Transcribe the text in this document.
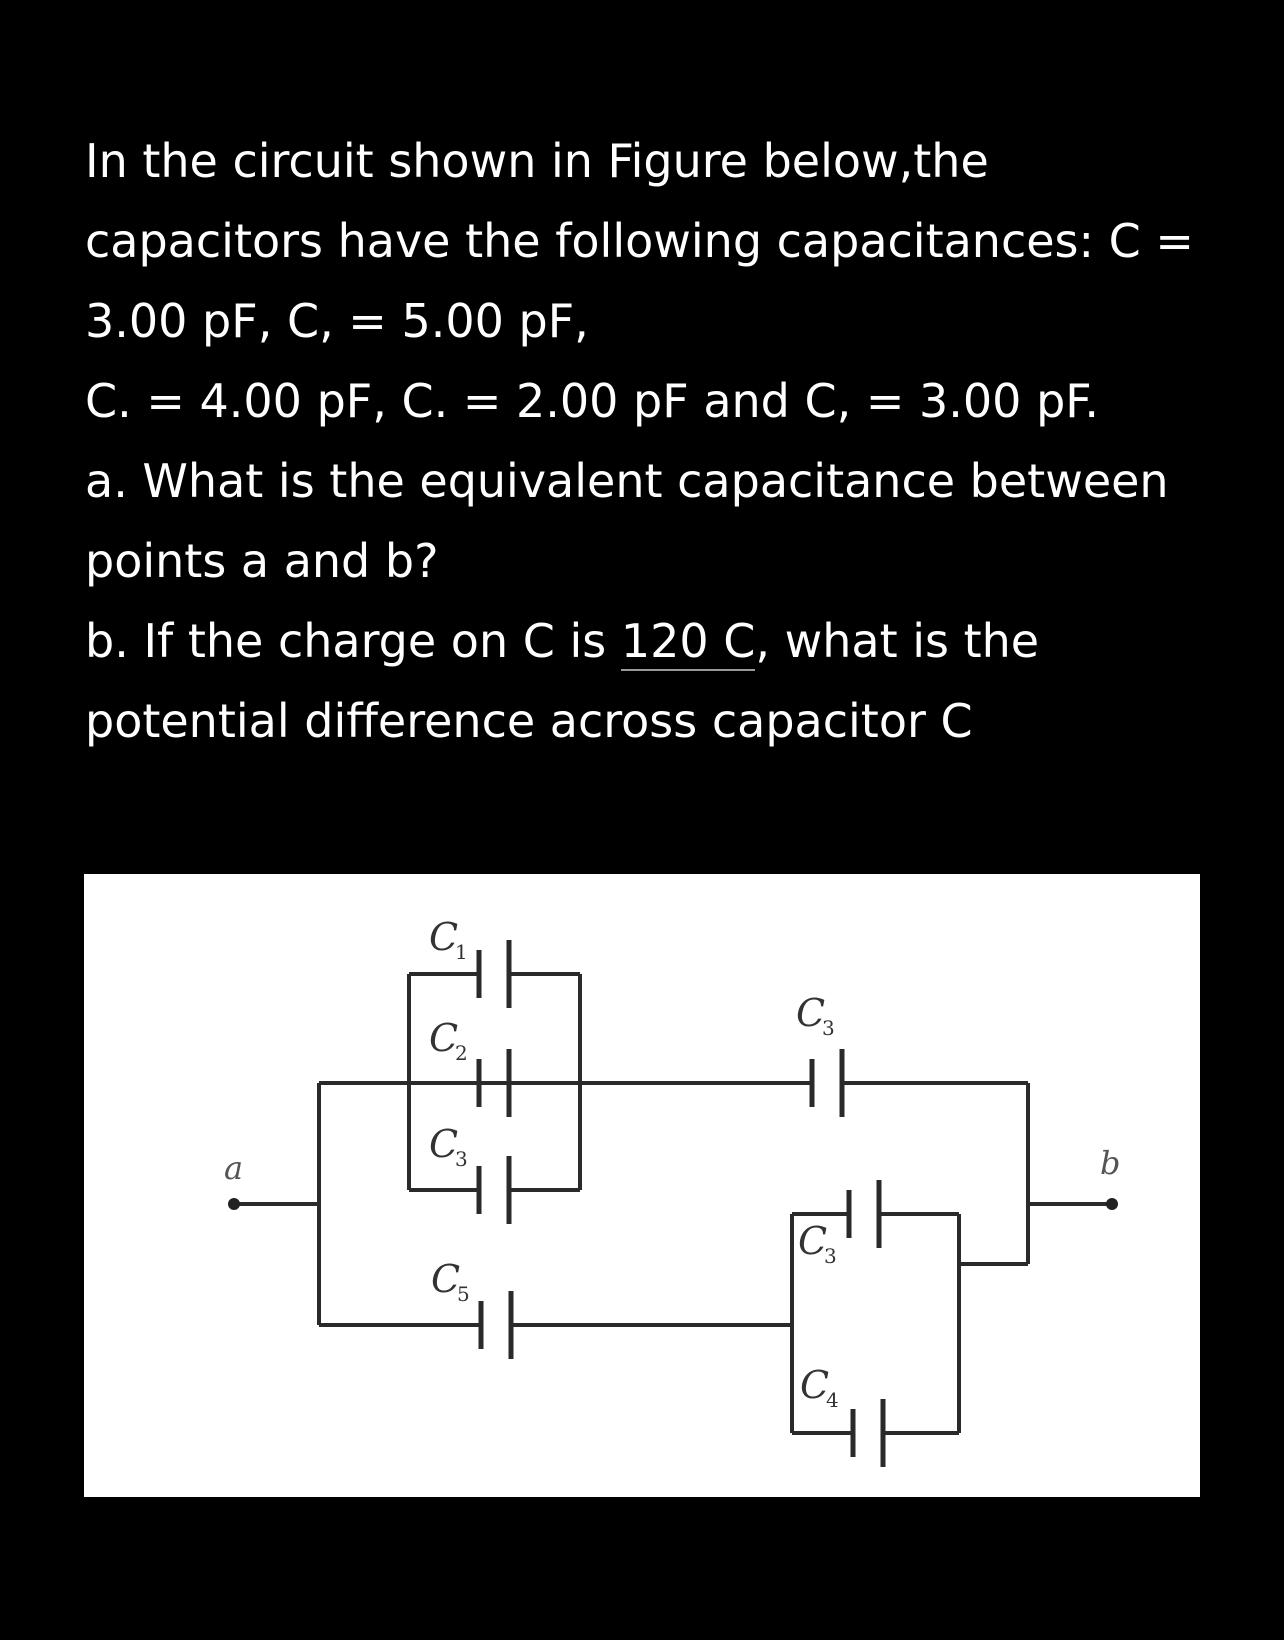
In the circuit shown in Figure below,the
capacitors have the following capacitances: C =
3.00 pF, C, = 5.00 pF,
C. = 4.00 pF, C. = 2.00 pF and C, = 3.00 pF.
a. What is the equivalent capacitance between
points a and b?
b. If the charge on C is 120 C, what is the
potential difference across capacitor C
a	b
C
1
C
2
C
3
C
5
C
3
C
3
C
4
